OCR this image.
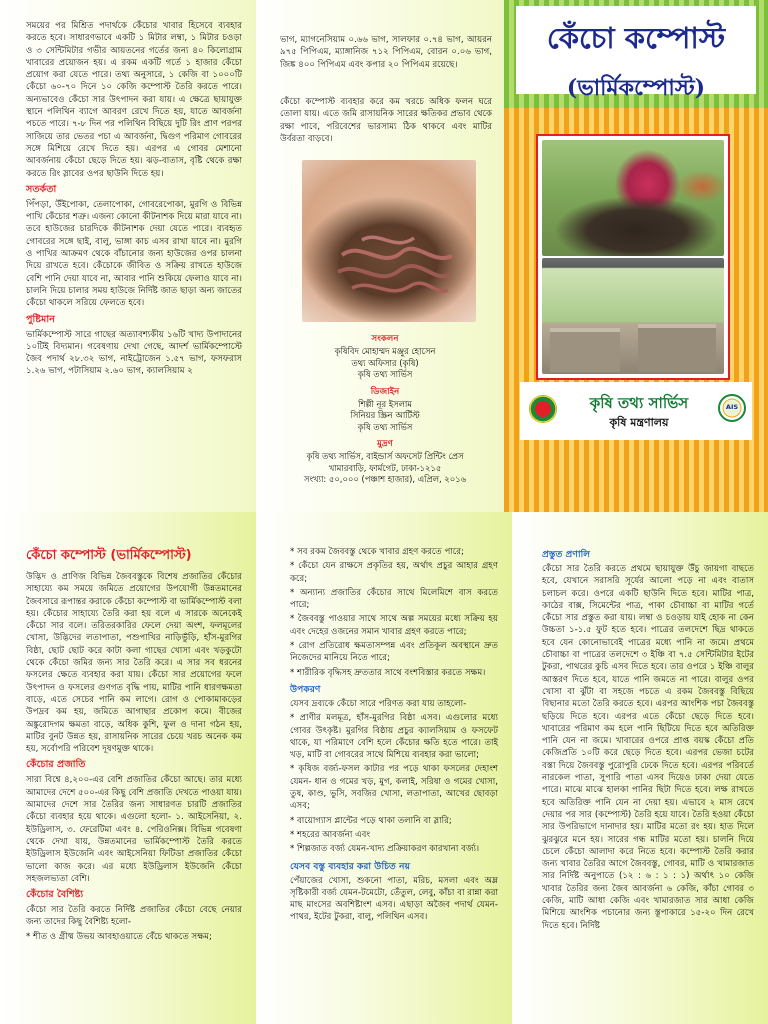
সময়ের পর মিশ্রিত পদার্থকে কেঁচোর খাবার হিসেবে ব্যবহার করতে হবে। সাধারণভাবে একটি ১ মিটার লম্বা, ১ মিটার চওড়া ও ৩ সেন্টিমিটার গভীর আয়তনের গর্তের জন্য ৪০ কিলোগ্রাম খাবারের প্রয়োজন হয়। এ রকম একটি গর্তে ১ হাজার কেঁচো প্রয়োগ করা যেতে পারে। তথ্য অনুসারে, ১ কেজি বা ১০০০টি কেঁচো ৬০-৭০ দিনে ১০ কেজি কম্পোস্ট তৈরি করতে পারে। অন্যভাবেও কেঁচো সার উৎপাদন করা যায়। এ ক্ষেত্রে ছায়াযুক্ত স্থানে পলিথিন ব্যাগে আবরণ রেখে দিতে হয়, যাতে আবর্জনা পচতে পারে। ৭-৮ দিন পর পলিথিন বিছিয়ে দুটি রিং প্রাণ পরপর সাজিয়ে তার ভেতর পচা এ আবর্জনা, দ্বিগুণ পরিমাণ গোবরের সঙ্গে মিশিয়ে রেখে দিতে হয়। এরপর এ গোবর মেশানো আবর্জনায় কেঁচো ছেড়ে দিতে হয়। ঝড়-বাতাস, বৃষ্টি থেকে রক্ষা করতে রিং স্লাবের ওপর ছাউনি দিতে হয়।

সতর্কতা

পিঁপড়া, উঁইপোকা, তেলাপোকা, গোবরেপোকা, মুরগি ও বিভিন্ন পাখি কেঁচোর শত্রু। এজন্য কোনো কীটনাশক দিয়ে মারা যাবে না। তবে হাউজের চারদিকে কীটনাশক দেয়া যেতে পারে। ব্যবহৃত গোবরের সঙ্গে ছাই, বালু, ভাঙ্গা কাচ এসব রাখা যাবে না। মুরগি ও পাখির আক্রমণ থেকে বাঁচানোর জন্য হাউজের ওপর চালনা দিয়ে রাখতে হবে। কেঁচোকে জীবিত ও সক্রিয় রাখতে হাউজে বেশি পানি দেয়া যাবে না, আবার পানি শুকিয়ে ফেলাও যাবে না। চালনি দিয়ে চালার সময় হাউজে নির্দিষ্ট জাত ছাড়া অন্য জাতের কেঁচো থাকলে সরিয়ে ফেলতে হবে।

পুষ্টিমান

ভার্মিকম্পোস্ট সারে গাছের অত্যাবশ্যকীয় ১৬টি খাদ্য উপাদানের ১০টিই বিদ্যমান। গবেষণায় দেখা গেছে, আদর্শ ভার্মিকম্পোস্টে জৈব পদার্থ ২৮.৩২ ভাগ, নাইট্রোজেন ১.৫৭ ভাগ, ফসফরাস ১.২৬ ভাগ, পটাসিয়াম ২.৬০ ভাগ, ক্যালসিয়াম ২

ভাগ, ম্যাগনেসিয়াম ০.৬৬ ভাগ, সালফার ০.৭৪ ভাগ, আয়রন ৯৭৫ পিপিএম, ম্যাঙ্গানিজ ৭১২ পিপিএম, বোরন ০.০৬ ভাগ, জিঙ্ক ৪০০ পিপিএম এবং কপার ২০ পিপিএম রয়েছে।

কেঁচো কম্পোস্ট ব্যবহার করে কম খরচে অধিক ফলন ঘরে তোলা যায়। এতে জমি রাসায়নিক সারের ক্ষতিকর প্রভাব থেকে রক্ষা পাবে, পরিবেশের ভারসাম্য ঠিক থাকবে এবং মাটির উর্বরতা বাড়বে।

সংকলন

কৃষিবিদ মোহাম্মদ মঞ্জুর হোসেন

তথ্য অফিসার (কৃষি)

কৃষি তথ্য সার্ভিস

ডিজাইন

শিল্পী নূর ইসলাম

সিনিয়র স্ক্রিন আর্টিস্ট

কৃষি তথ্য সার্ভিস

মুদ্রণ

কৃষি তথ্য সার্ভিস, বাইন্ডার্স অফসেট প্রিন্টিং প্রেস

খামারবাড়ি, ফার্মগেট, ঢাকা-১২১৫

সংখ্যা: ৫০,০০০ (পঞ্চাশ হাজার), এপ্রিল, ২০১৬

কেঁচো কম্পোস্ট
(ভার্মিকম্পোস্ট)
কৃষি তথ্য সার্ভিস	AIS
কৃষি মন্ত্রণালয়
কেঁচো কম্পোস্ট (ভার্মিকম্পোস্ট)

উদ্ভিদ ও প্রাণিজ বিভিন্ন জৈববস্তুকে বিশেষ প্রজাতির কেঁচোর সাহায্যে কম সময়ে জমিতে প্রয়োগের উপযোগী উন্নতমানের জৈবসারে রূপান্তর করাকে কেঁচো কম্পোস্ট বা ভার্মিকম্পোস্ট বলা হয়। কেঁচোর সাহায্যে তৈরি করা হয় বলে এ সারকে অনেকেই কেঁচো সার বলে। তরিতরকারির ফেলে দেয়া অংশ, ফলমূলের খোসা, উদ্ভিদের লতাপাতা, পশুপাখির নাড়িভুঁড়ি, হাঁস-মুরগির বিষ্ঠা, ছোট ছোট করে কাটা কলা গাছের খোসা এবং খড়কুটো থেকে কেঁচো জমির জন্য সার তৈরি করে। এ সার সব ধরনের ফসলের ক্ষেতে ব্যবহার করা যায়। কেঁচো সার প্রয়োগের ফলে উৎপাদন ও ফসলের গুণগত বৃদ্ধি পায়, মাটির পানি ধারণক্ষমতা বাড়ে, এতে সেচের পানি কম লাগে। রোগ ও পোকামাকড়ের উপদ্রব কম হয়, জমিতে আগাছার প্রকোপ কমে। বীজের অঙ্কুরোদগম ক্ষমতা বাড়ে, অধিক কুশি, ফুল ও দানা গঠন হয়, মাটির বুনট উন্নত হয়, রাসায়নিক সারের চেয়ে খরচ অনেক কম হয়, সর্বোপরি পরিবেশ দূষণমুক্ত থাকে।

কেঁচোর প্রজাতি

সারা বিশ্বে ৪,২০০-এর বেশি প্রজাতির কেঁচো আছে। তার মধ্যে আমাদের দেশে ৫০০-এর কিছু বেশি প্রজাতি দেখতে পাওয়া যায়। আমাদের দেশে সার তৈরির জন্য সাধারণত চারটি প্রজাতির কেঁচো ব্যবহার হয়ে থাকে। এগুলো হলো- ১. আইসেনিয়া, ২. ইউড্রিলাস, ৩. ফেরেটিমা এবং ৪. পেরিওনিক্স। বিভিন্ন গবেষণা থেকে দেখা যায়, উন্নতমানের ভার্মিকম্পোস্ট তৈরি করতে ইউড্রিলাস ইউজেনি এবং আইসেনিয়া ফিটিডা প্রজাতির কেঁচো ভালো কাজ করে। এর মধ্যে ইউড্রিলাস ইউজেনি কেঁচো সহজলভ্যতা বেশি।

কেঁচোর বৈশিষ্ট্য

কেঁচো সার তৈরি করতে নির্দিষ্ট প্রজাতির কেঁচো বেছে নেয়ার জন্য তাদের কিছু বৈশিষ্ট্য হলো-

* শীত ও গ্রীষ্ম উভয় আবহাওয়াতে বেঁচে থাকতে সক্ষম;

* সব রকম জৈববস্তু থেকে খাবার গ্রহণ করতে পারে;

* কেঁচো যেন রাক্ষসে প্রকৃতির হয়, অর্থাৎ প্রচুর আহার গ্রহণ করে;

* অন্যান্য প্রজাতির কেঁচোর সাথে মিলেমিশে বাস করতে পারে;

* জৈববস্তু পাওয়ার সাথে সাথে অল্প সময়ের মধ্যে সক্রিয় হয় এবং দেহের ওজনের সমান খাবার গ্রহণ করতে পারে;

* রোগ প্রতিরোধ ক্ষমতাসম্পন্ন এবং প্রতিকূল অবস্থানে দ্রুত নিজেদের মানিয়ে নিতে পারে;

* শারীরিক বৃদ্ধিসহ দ্রুততার সাথে বংশবিস্তার করতে সক্ষম।

উপকরণ

যেসব দ্রব্যকে কেঁচো সারে পরিণত করা যায় তাহলো-

* প্রাণীর মলমূত্র, হাঁস-মুরগির বিষ্ঠা এসব। এগুলোর মধ্যে গোবর উৎকৃষ্ট। মুরগির বিষ্ঠায় প্রচুর ক্যালসিয়াম ও ফসফেট থাকে, যা পরিমাণে বেশি হলে কেঁচোর ক্ষতি হতে পারে। তাই খড়, মাটি বা গোবরের সাথে মিশিয়ে ব্যবহার করা ভালো;

* কৃষিজ বর্জ্য-ফসল কাটার পর পড়ে থাকা ফসলের দেহাংশ যেমন- ধান ও গমের খড়, মুগ, কলাই, সরিষা ও গমের খোসা, তুষ, কাণ্ড, ভুসি, সবজির খোসা, লতাপাতা, আখের ছোবড়া এসব;

* বায়োগ্যাস প্লান্টের পড়ে থাকা তলানি বা স্লারি;

* শহরের আবর্জনা এবং

* শিল্পজাত বর্জ্য যেমন-খাদ্য প্রক্রিয়াকরণ কারখানা বর্জ্য।

যেসব বস্তু ব্যবহার করা উচিত নয়

পেঁয়াজের খোসা, শুকনো পাতা, মরিচ, মসলা এবং অম্ল সৃষ্টিকারী বর্জ্য যেমন-টমেটো, তেঁতুল, লেবু, কাঁচা বা রান্না করা মাছ মাংসের অবশিষ্টাংশ এসব। এছাড়া অজৈব পদার্থ যেমন-পাথর, ইটের টুকরা, বালু, পলিথিন এসব।

প্রস্তুত প্রণালি

কেঁচো সার তৈরি করতে প্রথমে ছায়াযুক্ত উঁচু জায়গা বাছতে হবে, যেখানে সরাসরি সূর্যের আলো পড়ে না এবং বাতাস চলাচল করে। ওপরে একটি ছাউনি দিতে হবে। মাটির পাত্র, কাঠের বাক্স, সিমেন্টের পাত্র, পাকা চৌবাচ্চা বা মাটির গর্তে কেঁচো সার প্রস্তুত করা যায়। লম্বা ও চওড়ায় যাই হোক না কেন উচ্চতা ১-১.৫ ফুট হতে হবে। পাত্রের তলদেশে ছিদ্র থাকতে হবে যেন কোনোভাবেই পাত্রের মধ্যে পানি না জমে। প্রথমে চৌবাচ্চা বা পাত্রের তলদেশে ৩ ইঞ্চি বা ৭.৫ সেন্টিমিটার ইটের টুকরা, পাথরের কুচি এসব দিতে হবে। তার ওপরে ১ ইঞ্চি বালুর আস্তরণ দিতে হবে, যাতে পানি জমতে না পারে। বালুর ওপর খোসা বা ঝুঁটা বা সহজে পচতে এ রকম জৈববস্তু বিছিয়ে বিছানার মতো তৈরি করতে হবে। এরপর আংশিক পচা জৈববস্তু ছড়িয়ে দিতে হবে। এরপর এতে কেঁচো ছেড়ে দিতে হবে। খাবারের পরিমাণ কম হলে পানি ছিটিয়ে দিতে হবে অতিরিক্ত পানি যেন না জমে। খাবারের ওপরে প্রাপ্ত বয়স্ক কেঁচো প্রতি কেজিপ্রতি ১০টি করে ছেড়ে দিতে হবে। এরপর ভেজা চটের বস্তা দিয়ে জৈববস্তু পুরোপুরি ঢেকে দিতে হবে। এরপর পরিবর্তে নারকেল পাতা, সুপারি পাতা এসব দিয়েও ঢাকা দেয়া যেতে পারে। মাঝে মাঝে হালকা পানির ছিটা দিতে হবে। লক্ষ রাখতে হবে অতিরিক্ত পানি যেন না দেয়া হয়। এভাবে ২ মাস রেখে দেয়ার পর সার (কম্পোস্ট) তৈরি হয়ে যাবে। তৈরি হওয়া কেঁচো সার উপরিভাগে দানাদার হয়। মাটির মতো রং হয়। হাত দিলে ঝুরঝুরে মনে হয়। সারের গন্ধ মাটির মতো হয়। চালনি দিয়ে চেলে কেঁচো আলাদা করে নিতে হবে। কম্পোস্ট তৈরি করার জন্য খাবার তৈরির আগে জৈববস্তু, গোবর, মাটি ও খামারজাত সার নির্দিষ্ট অনুপাতে (১২ : ৬ : ১ : ১) অর্থাৎ ১০ কেজি খাবার তৈরির জন্য জৈব আবর্জনা ৬ কেজি, কাঁচা গোবর ৩ কেজি, মাটি আধা কেজি এবং খামারজাত সার আধা কেজি মিশিয়ে আংশিক পচানোর জন্য স্তূপাকারে ১৫-২০ দিন রেখে দিতে হবে। নির্দিষ্ট
